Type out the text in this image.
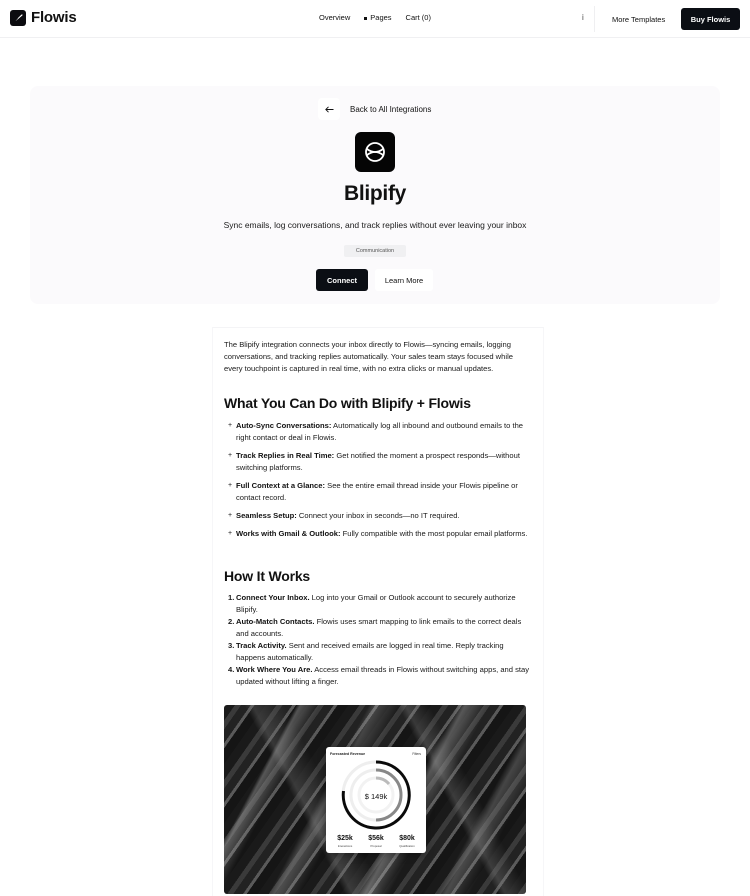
Flowis	Overview	Pages Cart (0)	i	More Templates	Buy Flowis
Back to All Integrations
Blipify
Sync emails, log conversations, and track replies without ever leaving your inbox
Communication
Connect	Learn More

The Blipify integration connects your inbox directly to Flowis—syncing emails, logging conversations, and tracking replies automatically. Your sales team stays focused while every touchpoint is captured in real time, with no extra clicks or manual updates.

What You Can Do with Blipify + Flowis
+ Auto-Sync Conversations: Automatically log all inbound and outbound emails to the right contact or deal in Flowis.
+ Track Replies in Real Time: Get notified the moment a prospect responds—without switching platforms.
+ Full Context at a Glance: See the entire email thread inside your Flowis pipeline or contact record.
+ Seamless Setup: Connect your inbox in seconds—no IT required.
+ Works with Gmail & Outlook: Fully compatible with the most popular email platforms.
How It Works
1. Connect Your Inbox. Log into your Gmail or Outlook account to securely authorize Blipify.
2. Auto-Match Contacts. Flowis uses smart mapping to link emails to the correct deals and accounts.
3. Track Activity. Sent and received emails are logged in real time. Reply tracking happens automatically.
4. Work Where You Are. Access email threads in Flowis without switching apps, and stay updated without lifting a finger.
Forecasted Revenue	Filters
$ 149k
$25k
Interactions
$56k
Proposal
$80k
Qualification
